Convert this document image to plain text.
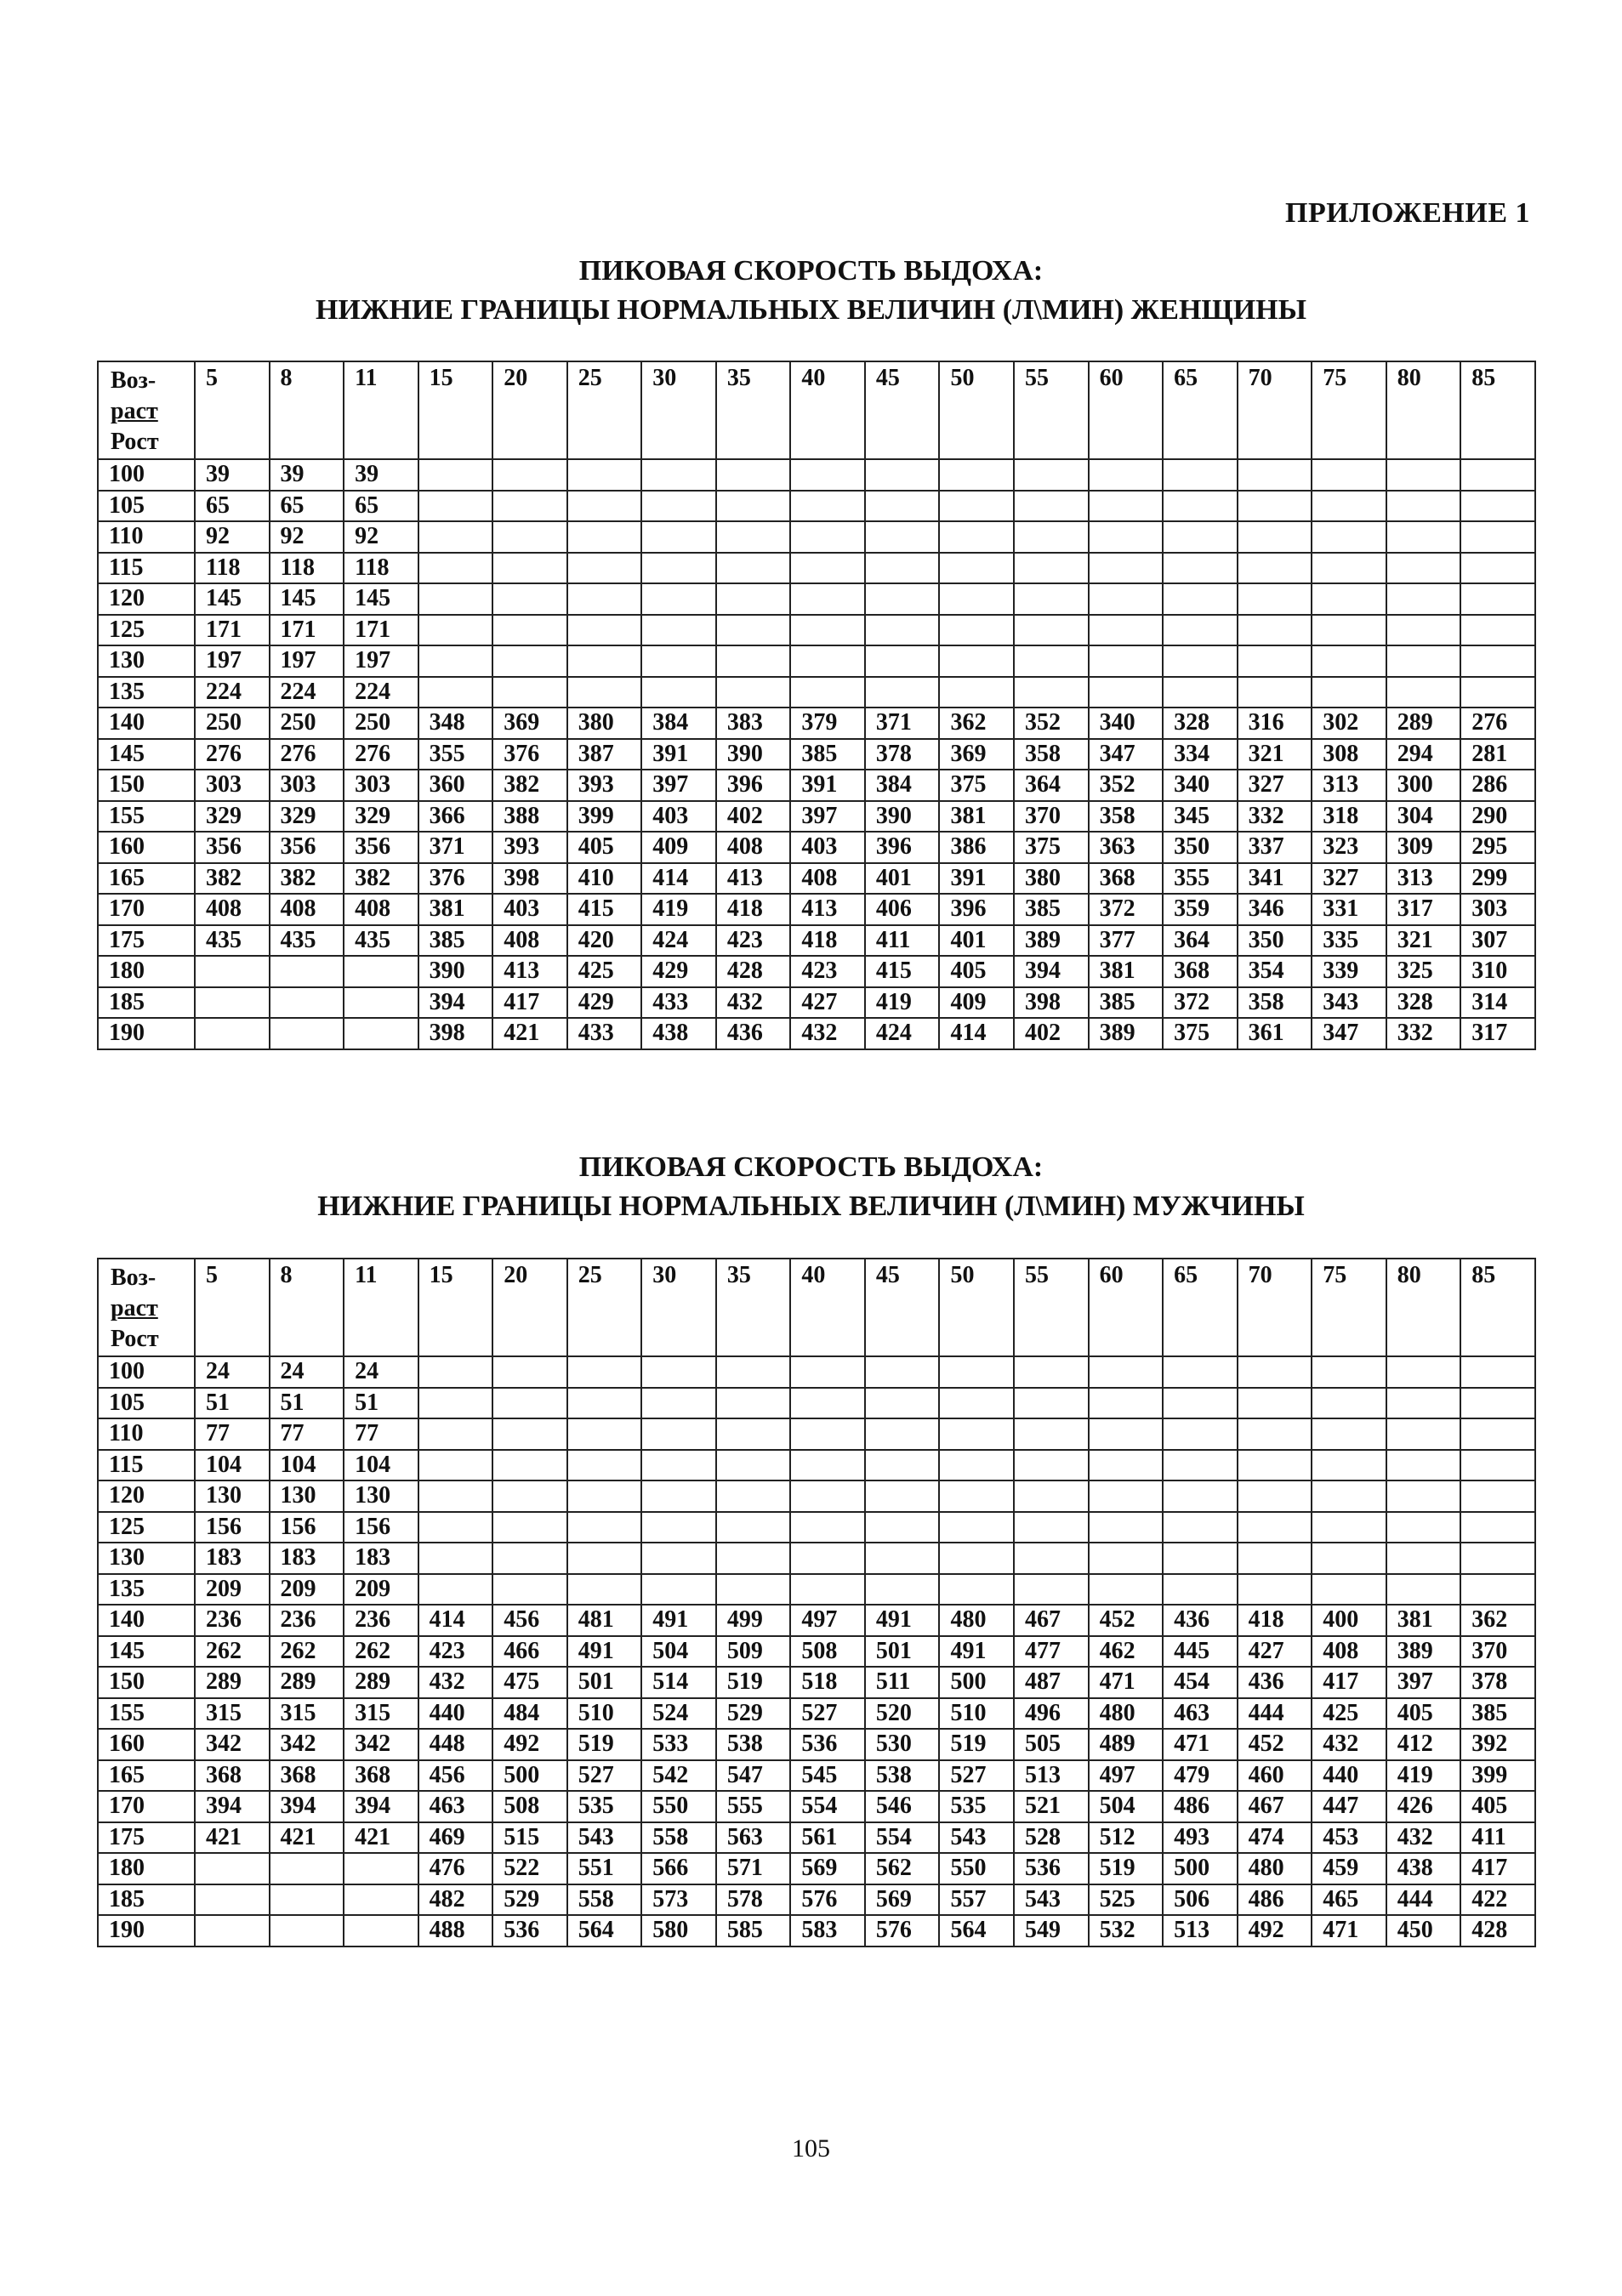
ПРИЛОЖЕНИЕ 1
ПИКОВАЯ СКОРОСТЬ ВЫДОХА:
НИЖНИЕ ГРАНИЦЫ НОРМАЛЬНЫХ ВЕЛИЧИН (Л\МИН) ЖЕНЩИНЫ
Воз-
раст
Рост	5	8	11	15	20	25	30	35	40	45	50	55	60	65	70	75	80	85
100	39	39	39															
105	65	65	65															
110	92	92	92															
115	118	118	118															
120	145	145	145															
125	171	171	171															
130	197	197	197															
135	224	224	224															
140	250	250	250	348	369	380	384	383	379	371	362	352	340	328	316	302	289	276
145	276	276	276	355	376	387	391	390	385	378	369	358	347	334	321	308	294	281
150	303	303	303	360	382	393	397	396	391	384	375	364	352	340	327	313	300	286
155	329	329	329	366	388	399	403	402	397	390	381	370	358	345	332	318	304	290
160	356	356	356	371	393	405	409	408	403	396	386	375	363	350	337	323	309	295
165	382	382	382	376	398	410	414	413	408	401	391	380	368	355	341	327	313	299
170	408	408	408	381	403	415	419	418	413	406	396	385	372	359	346	331	317	303
175	435	435	435	385	408	420	424	423	418	411	401	389	377	364	350	335	321	307
180				390	413	425	429	428	423	415	405	394	381	368	354	339	325	310
185				394	417	429	433	432	427	419	409	398	385	372	358	343	328	314
190				398	421	433	438	436	432	424	414	402	389	375	361	347	332	317
ПИКОВАЯ СКОРОСТЬ ВЫДОХА:
НИЖНИЕ ГРАНИЦЫ НОРМАЛЬНЫХ ВЕЛИЧИН (Л\МИН) МУЖЧИНЫ
Воз-
раст
Рост	5	8	11	15	20	25	30	35	40	45	50	55	60	65	70	75	80	85
100	24	24	24															
105	51	51	51															
110	77	77	77															
115	104	104	104															
120	130	130	130															
125	156	156	156															
130	183	183	183															
135	209	209	209															
140	236	236	236	414	456	481	491	499	497	491	480	467	452	436	418	400	381	362
145	262	262	262	423	466	491	504	509	508	501	491	477	462	445	427	408	389	370
150	289	289	289	432	475	501	514	519	518	511	500	487	471	454	436	417	397	378
155	315	315	315	440	484	510	524	529	527	520	510	496	480	463	444	425	405	385
160	342	342	342	448	492	519	533	538	536	530	519	505	489	471	452	432	412	392
165	368	368	368	456	500	527	542	547	545	538	527	513	497	479	460	440	419	399
170	394	394	394	463	508	535	550	555	554	546	535	521	504	486	467	447	426	405
175	421	421	421	469	515	543	558	563	561	554	543	528	512	493	474	453	432	411
180				476	522	551	566	571	569	562	550	536	519	500	480	459	438	417
185				482	529	558	573	578	576	569	557	543	525	506	486	465	444	422
190				488	536	564	580	585	583	576	564	549	532	513	492	471	450	428
105
